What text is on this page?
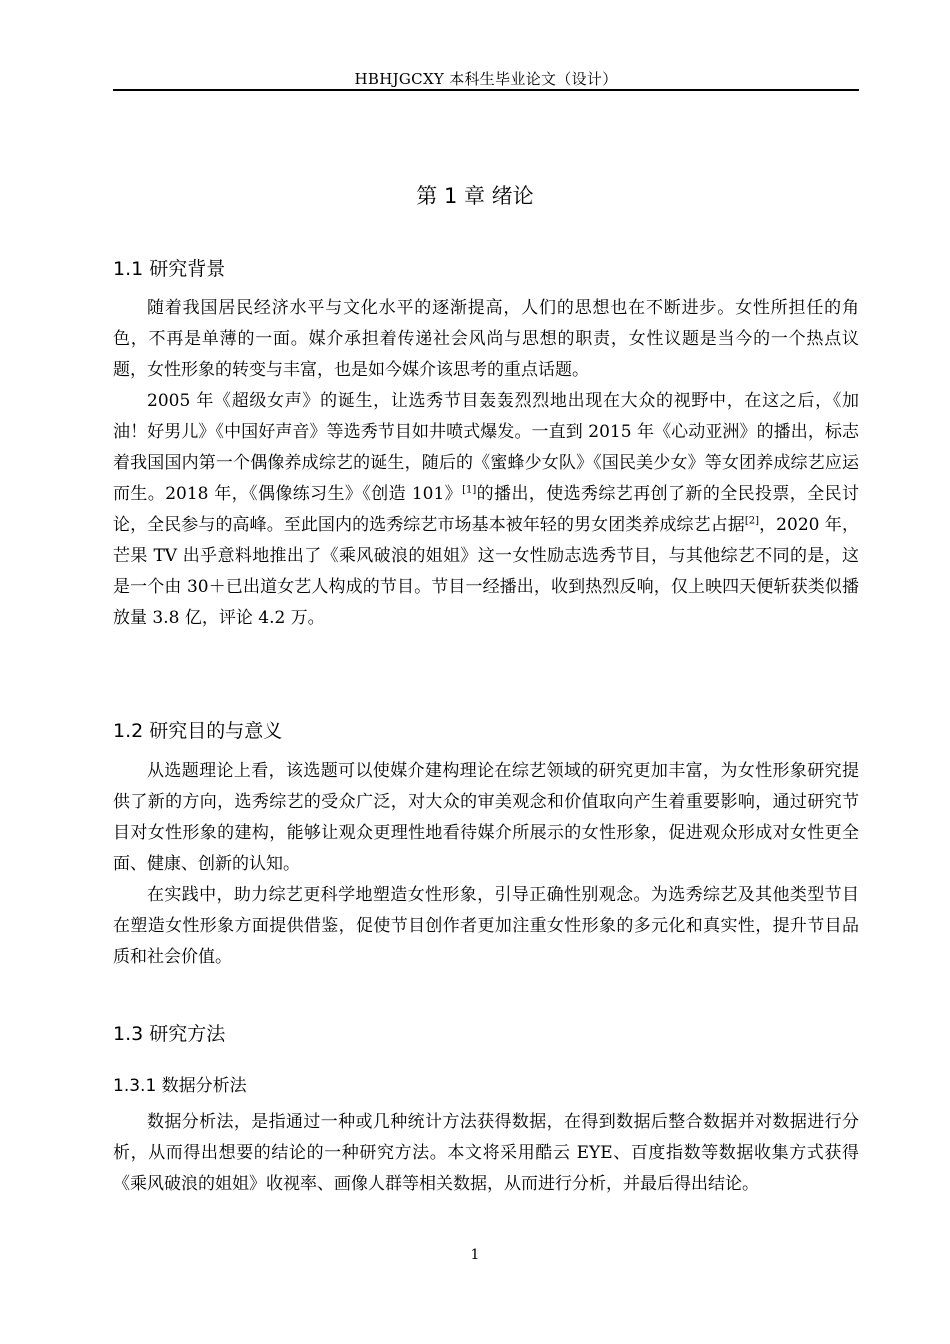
HBHJGCXY 本科生毕业论文（设计）
第 1 章 绪论
1.1 研究背景

随着我国居民经济水平与文化水平的逐渐提高，人们的思想也在不断进步。女性所担任的角色，不再是单薄的一面。媒介承担着传递社会风尚与思想的职责，女性议题是当今的一个热点议题，女性形象的转变与丰富，也是如今媒介该思考的重点话题。

2005 年《超级女声》的诞生，让选秀节目轰轰烈烈地出现在大众的视野中，在这之后，《加油！好男儿》《中国好声音》等选秀节目如井喷式爆发。一直到 2015 年《心动亚洲》的播出，标志着我国国内第一个偶像养成综艺的诞生，随后的《蜜蜂少女队》《国民美少女》等女团养成综艺应运而生。2018 年，《偶像练习生》《创造 101》[1]的播出，使选秀综艺再创了新的全民投票，全民讨论，全民参与的高峰。至此国内的选秀综艺市场基本被年轻的男女团类养成综艺占据[2]，2020 年，芒果 TV 出乎意料地推出了《乘风破浪的姐姐》这一女性励志选秀节目，与其他综艺不同的是，这是一个由 30＋已出道女艺人构成的节目。节目一经播出，收到热烈反响，仅上映四天便斩获类似播放量 3.8 亿，评论 4.2 万。

1.2 研究目的与意义

从选题理论上看，该选题可以使媒介建构理论在综艺领域的研究更加丰富，为女性形象研究提供了新的方向，选秀综艺的受众广泛，对大众的审美观念和价值取向产生着重要影响，通过研究节目对女性形象的建构，能够让观众更理性地看待媒介所展示的女性形象，促进观众形成对女性更全面、健康、创新的认知。

在实践中，助力综艺更科学地塑造女性形象，引导正确性别观念。为选秀综艺及其他类型节目在塑造女性形象方面提供借鉴，促使节目创作者更加注重女性形象的多元化和真实性，提升节目品质和社会价值。

1.3 研究方法
1.3.1 数据分析法

数据分析法，是指通过一种或几种统计方法获得数据，在得到数据后整合数据并对数据进行分析，从而得出想要的结论的一种研究方法。本文将采用酷云 EYE、百度指数等数据收集方式获得《乘风破浪的姐姐》收视率、画像人群等相关数据，从而进行分析，并最后得出结论。

1
